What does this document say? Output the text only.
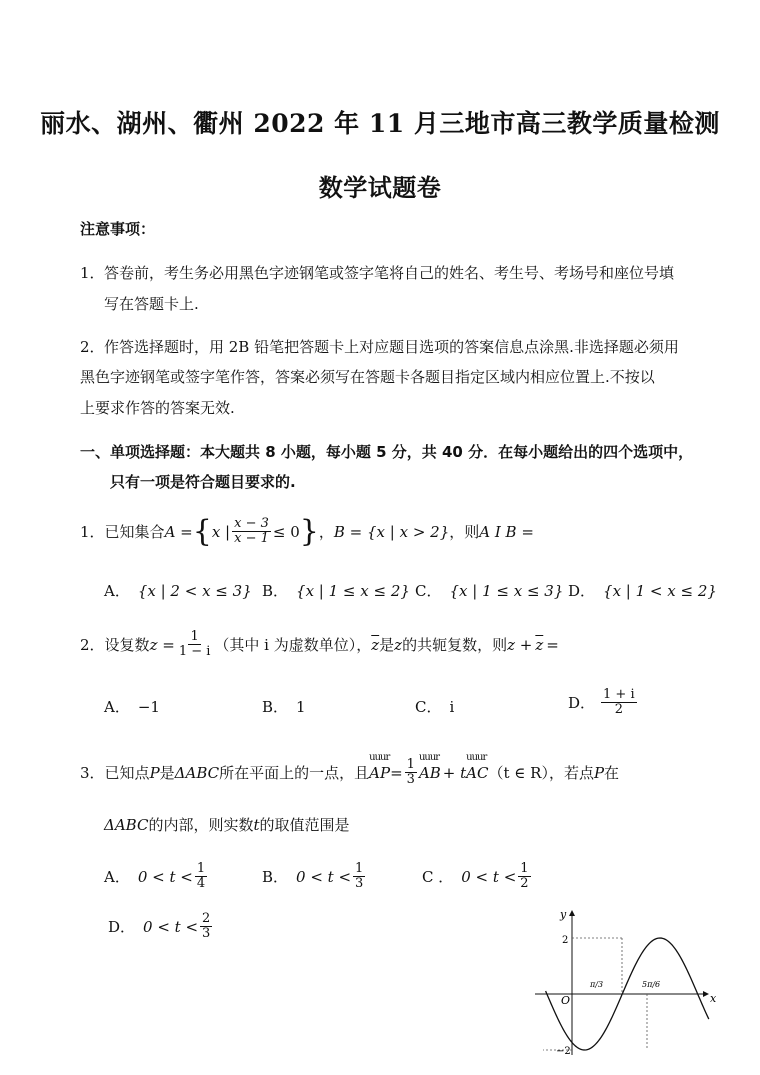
丽水、湖州、衢州 2022 年 11 月三地市高三教学质量检测
数学试题卷
注意事项：
1． 答卷前，考生务必用黑色字迹钢笔或签字笔将自己的姓名、考生号、考场号和座位号填
写在答题卡上.
2． 作答选择题时，用 2B 铅笔把答题卡上对应题目选项的答案信息点涂黑.非选择题必须用
黑色字迹钢笔或签字笔作答，答案必须写在答题卡各题目指定区域内相应位置上.不按以
上要求作答的答案无效.
一、单项选择题：本大题共 8 小题，每小题 5 分，共 40 分．在每小题给出的四个选项中，
只有一项是符合题目要求的.
1． 已知集合 A = { x | $\frac{x - 3}{x - 1} \le 0$ } ， B = {x | x > 2} ，则 A I B =
A． {x | 2 < x ≤ 3} B． {x | 1 ≤ x ≤ 2} C． {x | 1 ≤ x ≤ 3} D． {x | 1 < x ≤ 2}
2． 设复数 $z = \frac{1}{1 - i}$ （其中 i 为虚数单位）， $\overline{z}$ 是 z 的共轭复数，则 $z + \overline{z}$ =
A． −1	B． 1	C． i	D． $\frac{1 + i}{2}$
3． 已知点 P 是 ΔABC 所在平面上的一点，且
uuur
AP = $\frac{1}{3}$
uuur
AB + t
uuur
AC （t ∈ R），若点 P 在
ΔABC的内部，则实数t的取值范围是
A． $0 < t < \frac{1}{4}$	B． $0 < t < \frac{1}{3}$	C ． $0 < t < \frac{1}{2}$
D． $0 < t < \frac{2}{3}$
x
y
O
2
−2
π/3	5π/6
